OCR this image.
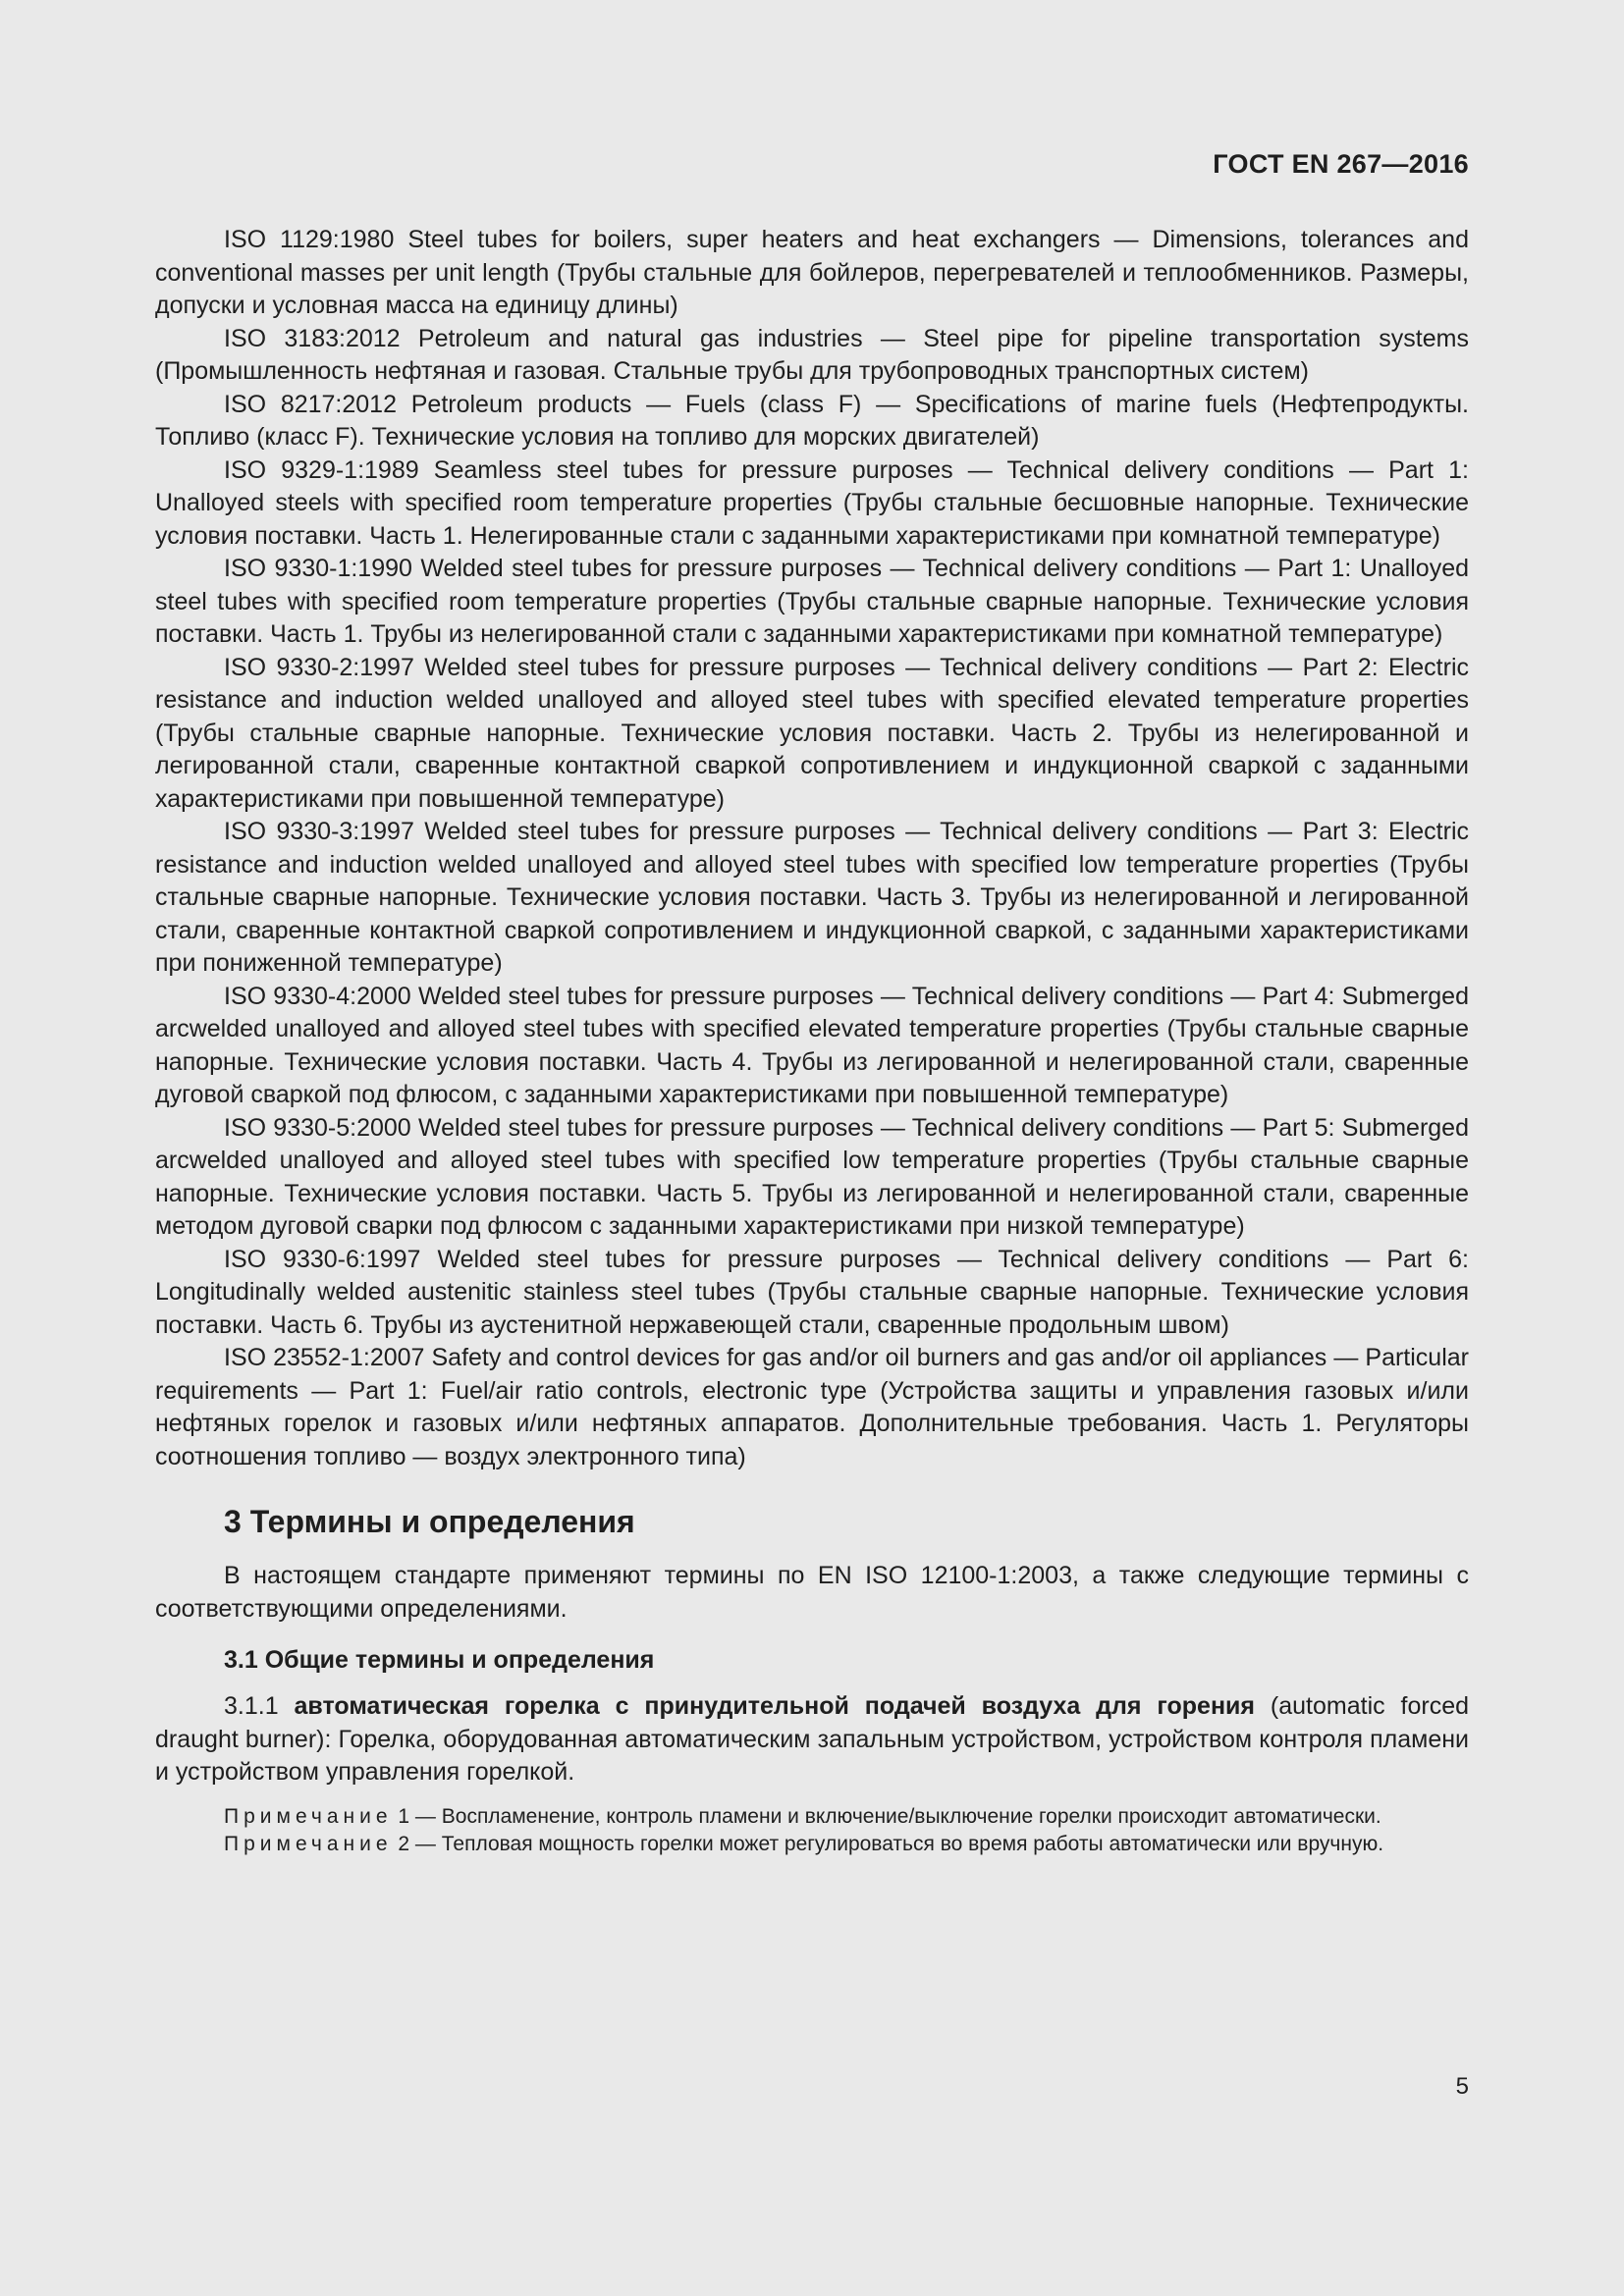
ГОСТ EN 267—2016

ISO 1129:1980 Steel tubes for boilers, super heaters and heat exchangers — Dimensions, tolerances and conventional masses per unit length (Трубы стальные для бойлеров, перегревателей и теплообменников. Размеры, допуски и условная масса на единицу длины)

ISO 3183:2012 Petroleum and natural gas industries — Steel pipe for pipeline transportation systems (Промышленность нефтяная и газовая. Стальные трубы для трубопроводных транспортных систем)

ISO 8217:2012 Petroleum products — Fuels (class F) — Specifications of marine fuels (Нефтепродукты. Топливо (класс F). Технические условия на топливо для морских двигателей)

ISO 9329-1:1989 Seamless steel tubes for pressure purposes — Technical delivery conditions — Part 1: Unalloyed steels with specified room temperature properties (Трубы стальные бесшовные напорные. Технические условия поставки. Часть 1. Нелегированные стали с заданными характеристиками при комнатной температуре)

ISO 9330-1:1990 Welded steel tubes for pressure purposes — Technical delivery conditions — Part 1: Unalloyed steel tubes with specified room temperature properties (Трубы стальные сварные напорные. Технические условия поставки. Часть 1. Трубы из нелегированной стали с заданными характеристиками при комнатной температуре)

ISO 9330-2:1997 Welded steel tubes for pressure purposes — Technical delivery conditions — Part 2: Electric resistance and induction welded unalloyed and alloyed steel tubes with specified elevated temperature properties (Трубы стальные сварные напорные. Технические условия поставки. Часть 2. Трубы из нелегированной и легированной стали, сваренные контактной сваркой сопротивлением и индукционной сваркой с заданными характеристиками при повышенной температуре)

ISO 9330-3:1997 Welded steel tubes for pressure purposes — Technical delivery conditions — Part 3: Electric resistance and induction welded unalloyed and alloyed steel tubes with specified low temperature properties (Трубы стальные сварные напорные. Технические условия поставки. Часть 3. Трубы из нелегированной и легированной стали, сваренные контактной сваркой сопротивлением и индукционной сваркой, с заданными характеристиками при пониженной температуре)

ISO 9330-4:2000 Welded steel tubes for pressure purposes — Technical delivery conditions — Part 4: Submerged arcwelded unalloyed and alloyed steel tubes with specified elevated temperature properties (Трубы стальные сварные напорные. Технические условия поставки. Часть 4. Трубы из легированной и нелегированной стали, сваренные дуговой сваркой под флюсом, с заданными характеристиками при повышенной температуре)

ISO 9330-5:2000 Welded steel tubes for pressure purposes — Technical delivery conditions — Part 5: Submerged arcwelded unalloyed and alloyed steel tubes with specified low temperature properties (Трубы стальные сварные напорные. Технические условия поставки. Часть 5. Трубы из легированной и нелегированной стали, сваренные методом дуговой сварки под флюсом с заданными характеристиками при низкой температуре)

ISO 9330-6:1997 Welded steel tubes for pressure purposes — Technical delivery conditions — Part 6: Longitudinally welded austenitic stainless steel tubes (Трубы стальные сварные напорные. Технические условия поставки. Часть 6. Трубы из аустенитной нержавеющей стали, сваренные продольным швом)

ISO 23552-1:2007 Safety and control devices for gas and/or oil burners and gas and/or oil appliances — Particular requirements — Part 1: Fuel/air ratio controls, electronic type (Устройства защиты и управления газовых и/или нефтяных горелок и газовых и/или нефтяных аппаратов. Дополнительные требования. Часть 1. Регуляторы соотношения топливо — воздух электронного типа)

3 Термины и определения

В настоящем стандарте применяют термины по EN ISO 12100-1:2003, а также следующие термины с соответствующими определениями.

3.1 Общие термины и определения

3.1.1 автоматическая горелка с принудительной подачей воздуха для горения (automatic forced draught burner): Горелка, оборудованная автоматическим запальным устройством, устройством контроля пламени и устройством управления горелкой.

Примечание 1 — Воспламенение, контроль пламени и включение/выключение горелки происходит автоматически.

Примечание 2 — Тепловая мощность горелки может регулироваться во время работы автоматически или вручную.

5
